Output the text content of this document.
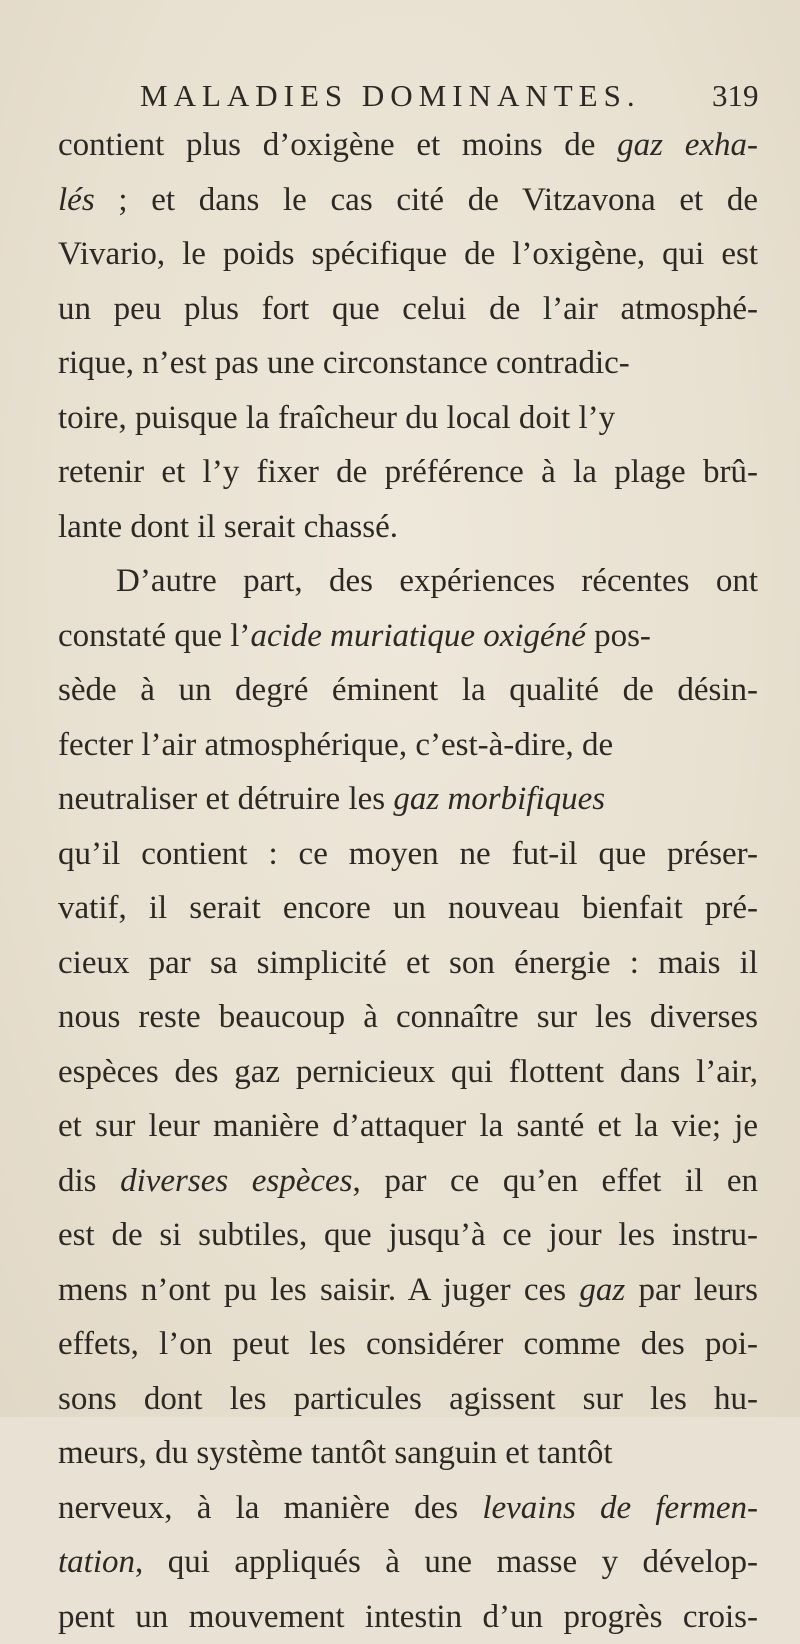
MALADIES DOMINANTES. 319
contient plus d’oxigène et moins de gaz exha-
lés ; et dans le cas cité de Vitzavona et de
Vivario, le poids spécifique de l’oxigène, qui est
un peu plus fort que celui de l’air atmosphé-
rique, n’est pas une circonstance contradic-
toire, puisque la fraîcheur du local doit l’y
retenir et l’y fixer de préférence à la plage brû-
lante dont il serait chassé.
D’autre part, des expériences récentes ont
constaté que l’acide muriatique oxigéné pos-
sède à un degré éminent la qualité de désin-
fecter l’air atmosphérique, c’est-à-dire, de
neutraliser et détruire les gaz morbifiques
qu’il contient : ce moyen ne fut-il que préser-
vatif, il serait encore un nouveau bienfait pré-
cieux par sa simplicité et son énergie : mais il
nous reste beaucoup à connaître sur les diverses
espèces des gaz pernicieux qui flottent dans l’air,
et sur leur manière d’attaquer la santé et la vie; je
dis diverses espèces, par ce qu’en effet il en
est de si subtiles, que jusqu’à ce jour les instru-
mens n’ont pu les saisir. A juger ces gaz par leurs
effets, l’on peut les considérer comme des poi-
sons dont les particules agissent sur les hu-
meurs, du système tantôt sanguin et tantôt
nerveux, à la manière des levains de fermen-
tation, qui appliqués à une masse y dévelop-
pent un mouvement intestin d’un progrès crois-
